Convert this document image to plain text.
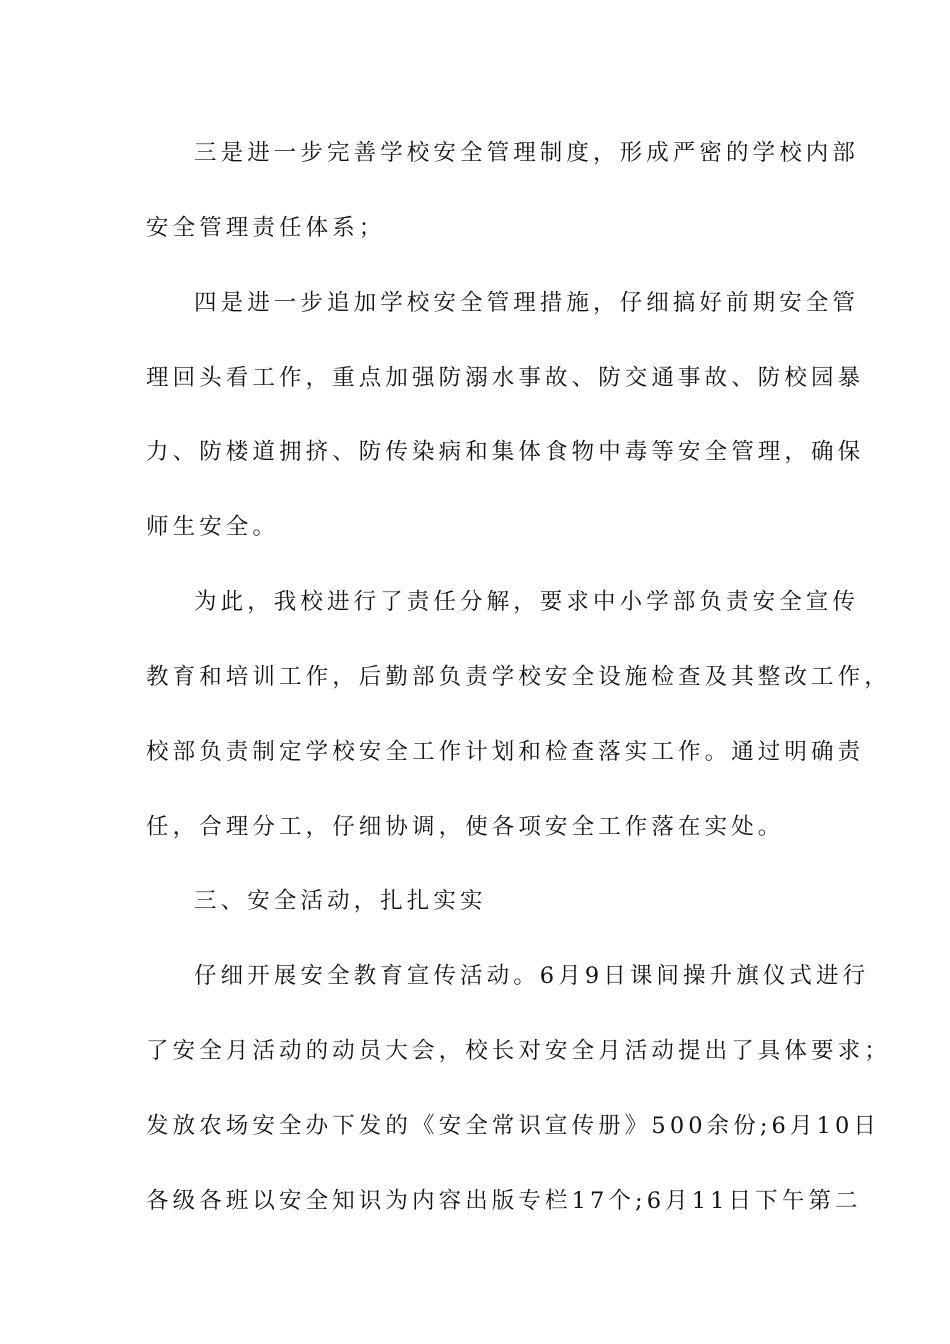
三是进一步完善学校安全管理制度，形成严密的学校内部

安全管理责任体系；

四是进一步追加学校安全管理措施，仔细搞好前期安全管

理回头看工作，重点加强防溺水事故、防交通事故、防校园暴

力、防楼道拥挤、防传染病和集体食物中毒等安全管理，确保

师生安全。

为此，我校进行了责任分解，要求中小学部负责安全宣传

教育和培训工作，后勤部负责学校安全设施检查及其整改工作，

校部负责制定学校安全工作计划和检查落实工作。通过明确责

任，合理分工，仔细协调，使各项安全工作落在实处。

三、安全活动，扎扎实实

仔细开展安全教育宣传活动。6月9日课间操升旗仪式进行

了安全月活动的动员大会，校长对安全月活动提出了具体要求；

发放农场安全办下发的《安全常识宣传册》500余份;6月10日

各级各班以安全知识为内容出版专栏17个;6月11日下午第二
